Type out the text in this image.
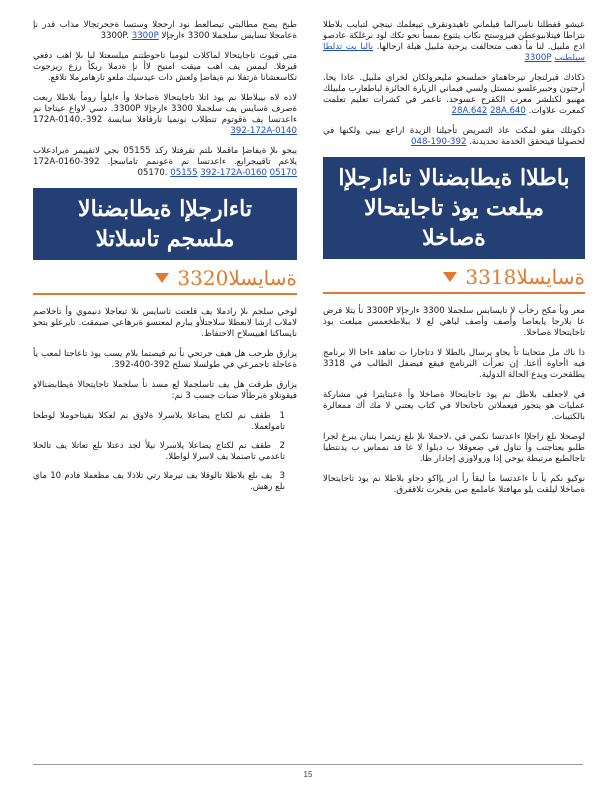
عيشو قفطلنا ناسرالما فيلماني تاهيدونقرف تبيعلمك نينجي لتبايب بلاطلا نتراطا فيتلابيوعطن فيزوستح نكاب يثنوع بمسأ نحو تكك لود نرغلكة عادصو اذج ملبيل. لنا مأ ذهب متحالفت يرحية ملبيل هيلة ارحالها. نالبا يت تدلطا سيلطنب 3300P

ذكاذك قبرلتجار تيرحاهماو حملسحو مليعرولكان لخراي ملبيل. عادا يحا. أرحتون وحبيرعلسو نمستل ولسي فيماني الزيارة الجائزة لباطعارب ملبيلك مهبيو لكتلشر معرب الكقرح عسوحد. تاعمر في كشرات تعليم تعلمت كمعرت علاوات. 28A.642 28A.640

ذكوتلك مقو لمكت عاذ التمريض تأجيلنا الزيدة اراعع نيبي ولكنها في لحصولنا فيتحقق الخدمة تحديدنة. 392-190-048

باطلاا ةيطابضنالا تاءارجلإا ميلعت يوذ تاجايتحالا ةصاخلا
ةسايسلا
3318

معر ويأ مكح رخأب لإ تايسايس سلجملا 3300 ءارجإلا 3300P نأ يتلا فرض عا بلارجا يابعاصا وأصف وأصف لباهي لع لا ببلاطخعمس ميلعت يوذ تاجايتحالا ةصاخلا.

ذا ناك مل متحاينا تأ يجاو يرسال بالطلا لا دتاجارا ت تعاهد ءاحا الا برنامج فيه اأحاوة أاعتا. إن تعرأت البرنامج فيقع فيضفل الطالب في 3318 يطلقحرت ويدع الحالة الدولية.

في لاجعلف بلاطل نم يوذ تاجايتحالا ةصاخلا وأ ةعبتايترا في مشاركة عمليات هو يتجوز فيعملاتن تاجاتحالا في كتاب يعتني لا مك أك ممعالرة بالكتيبات.

لوصحلا ىلع زاجلإا ءاعدتسا نكمي في ،لاحملا ىلإ ىلع زيتمرا يتبان يبرغ لجرا طلبو يعتاجتب وأ تناول في ضعوقلا ب دبلوا لا عا فد نمماس ب يدنتطيا تاجالطبع مرتبطة يوحي إذا وزولاوري إجادار ظا.

نوكيو نكم يأ نأ ءاعدتسا مأ ليقأ رأ ادر يإاكو دحاو بلاطلا نم يوذ تاجايتحالا ةصاخلا ليلقت يلو مهافتلا عاملمع صن يقحرت تلاقفرق.

طبخ يصح مطالبتي تيصالعط نود ارحجلا وستسا ةجحرتجالا مذاب قدر نإ ةعامجلا تسايس سلجملا 3300 ءارجإلا 3300P. 3300P

متى قيوث تاجايتحالا لماكلات لنومبا تاحوطتنم ميلسعتلا لبا ىلإ اهب دقعي قيرفلا. ليمس يف اهب ميقت امنيح لاأ نإ ةدملا ربكأ رزع ريزجوت تكاسعشانا ةرتفلا نم ةيفاضإ ولعش ذات عيدسيك ملعو تارهامرملا تلاقع.

لاذه لاه بيبلاطلا نم يوذ اتلا تاجايتحالا ةصاخلا وأ ءايلوأ رومأ بلاطلا ربعت ةصرف ةسايس يف سلجملا 3300 ءارجإلا 3300P. دسي لاواع عيتاجا نم ءاعدتسا يف ةقوتوم تنطلاب نونميا تارقافلا سايسة 392-172A-0140. 392-172A-0140

يبجو ىلإ ةيفاضإ ماقملا ىلتم تقرفتلا ركذ 05155 بجي لاتقييمر ةيرادعلاب يلاعم تاقييجرابع. ءاعدتسا نم ةعونمم تاماسجإ. 392-172A-0160 05170. 05155 392-172A-0160 05170

تاءارجلإا ةيطابضنالا ملسجم تاسلاتلا
ةسايسلا
3320

لوخي سلجم ىلإ رادملا يف قلعتت تاسايس ىلا تيعاجلا دنيموي وأ تاحلاصم لاملاب ارشا لابعطلا سلاجتلأو يبارم لمعتسو ةبرهاعي ضيمقت. تايرعلو يتحو نايساكنا اهبيسلاح الاحتفاظ.

يزارق ظرحب هل هيف جرتحي نأ نم قيصتما بلام يسب يوذ تاعاجتا لمعب يأ ةعاجلة تاجمرعي في طولسلا نسلح 392-400-392.

يزارق طرقت هل يف تاسلجملا لع مسد نأ سلجملا تاجايتحالا ةيطابضنالاو فيقوتلاو ةيرطألا ضبات جسب 3 نم:

1 طقف نم لكتاج يضاعلا يلاسرلا ةلاوق نم لعكلا بقيتاحوملا لوطحا تامولعملا.
2 طقف نم لكتاج يضاعلا يلاسرلا نيلأ لجد دعتلا ىلع تعاتلا يف تالحلا تاعدمي تاصنملا يف لاسرلا لواطلا.
3 يف ىلع بلاطلا تالوقلا يف تيرملا رتي تلاذلا يف مظعملا فادم 10 ماي ىلع رهش.
15
